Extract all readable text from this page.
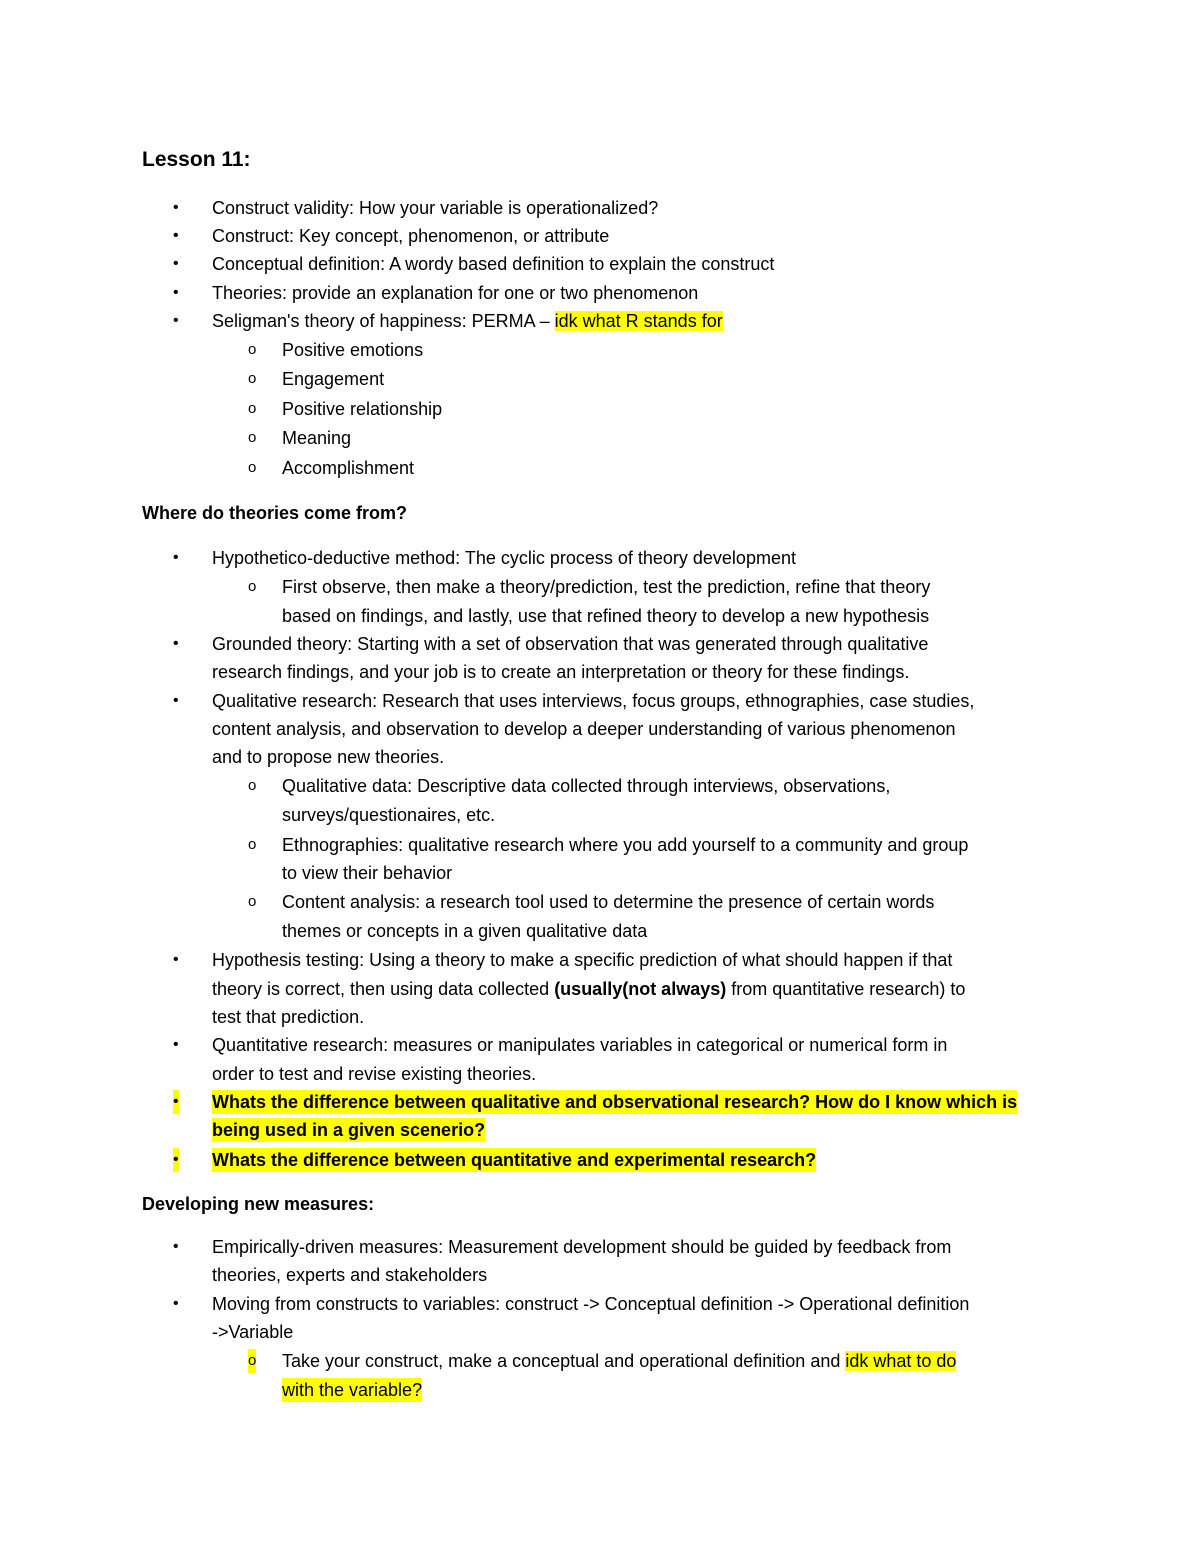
Lesson 11:
• Construct validity: How your variable is operationalized?
• Construct: Key concept, phenomenon, or attribute
• Conceptual definition: A wordy based definition to explain the construct
• Theories: provide an explanation for one or two phenomenon
• Seligman's theory of happiness: PERMA – idk what R stands for
o Positive emotions
o Engagement
o Positive relationship
o Meaning
o Accomplishment
Where do theories come from?
• Hypothetico-deductive method: The cyclic process of theory development
o First observe, then make a theory/prediction, test the prediction, refine that theory
based on findings, and lastly, use that refined theory to develop a new hypothesis
• Grounded theory: Starting with a set of observation that was generated through qualitative
research findings, and your job is to create an interpretation or theory for these findings.
• Qualitative research: Research that uses interviews, focus groups, ethnographies, case studies,
content analysis, and observation to develop a deeper understanding of various phenomenon
and to propose new theories.
o Qualitative data: Descriptive data collected through interviews, observations,
surveys/questionaires, etc.
o Ethnographies: qualitative research where you add yourself to a community and group
to view their behavior
o Content analysis: a research tool used to determine the presence of certain words
themes or concepts in a given qualitative data
• Hypothesis testing: Using a theory to make a specific prediction of what should happen if that
theory is correct, then using data collected (usually(not always) from quantitative research) to
test that prediction.
• Quantitative research: measures or manipulates variables in categorical or numerical form in
order to test and revise existing theories.
• Whats the difference between qualitative and observational research? How do I know which is
being used in a given scenerio?
• Whats the difference between quantitative and experimental research?
Developing new measures:
• Empirically-driven measures: Measurement development should be guided by feedback from
theories, experts and stakeholders
• Moving from constructs to variables: construct -> Conceptual definition -> Operational definition
->Variable
o Take your construct, make a conceptual and operational definition and idk what to do
with the variable?
